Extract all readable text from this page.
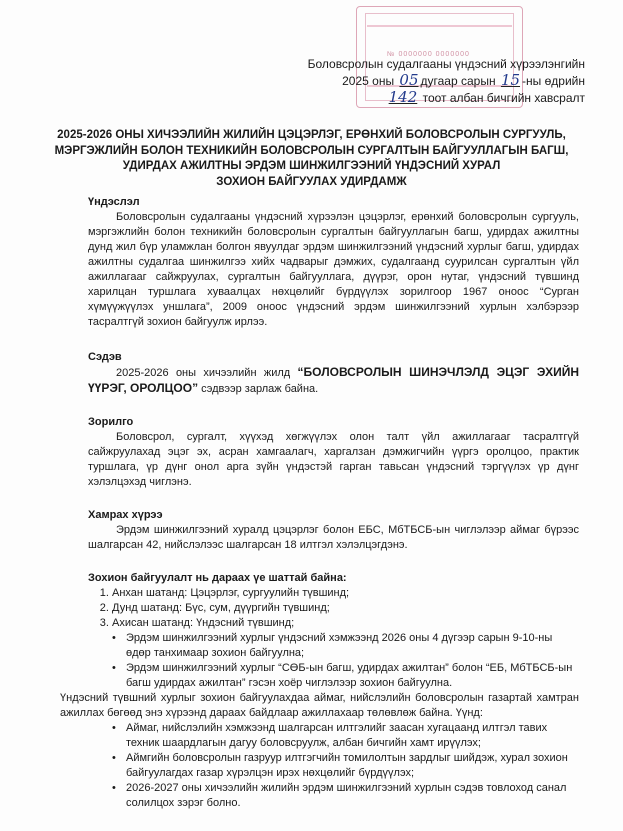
№ 0000000 0000000
Боловсролын судалгааны үндэсний хүрээлэнгийн
2025 оны 05 дугаар сарын 15 -ны өдрийн
142 тоот албан бичгийн хавсралт
2025-2026 ОНЫ ХИЧЭЭЛИЙН ЖИЛИЙН ЦЭЦЭРЛЭГ, ЕРӨНХИЙ БОЛОВСРОЛЫН СУРГУУЛЬ,
МЭРГЭЖЛИЙН БОЛОН ТЕХНИКИЙН БОЛОВСРОЛЫН СУРГАЛТЫН БАЙГУУЛЛАГЫН БАГШ,
УДИРДАХ АЖИЛТНЫ ЭРДЭМ ШИНЖИЛГЭЭНИЙ ҮНДЭСНИЙ ХУРАЛ
ЗОХИОН БАЙГУУЛАХ УДИРДАМЖ
Үндэслэл

Боловсролын судалгааны үндэсний хүрээлэн цэцэрлэг, ерөнхий боловсролын сургууль, мэргэжлийн болон техникийн боловсролын сургалтын байгууллагын багш, удирдах ажилтны дунд жил бүр уламжлан болгон явуулдаг эрдэм шинжилгээний үндэсний хурлыг багш, удирдах ажилтны судалгаа шинжилгээ хийх чадварыг дэмжих, судалгаанд суурилсан сургалтын үйл ажиллагааг сайжруулах, сургалтын байгууллага, дүүрэг, орон нутаг, үндэсний түвшинд харилцан туршлага хуваалцах нөхцөлийг бүрдүүлэх зорилгоор 1967 оноос “Сурган хүмүүжүүлэх уншлага”, 2009 оноос үндэсний эрдэм шинжилгээний хурлын хэлбэрээр тасралтгүй зохион байгуулж ирлээ.

Сэдэв

2025-2026 оны хичээлийн жилд “БОЛОВСРОЛЫН ШИНЭЧЛЭЛД ЭЦЭГ ЭХИЙН ҮҮРЭГ, ОРОЛЦОО” сэдвээр зарлаж байна.

Зорилго

Боловсрол, сургалт, хүүхэд хөгжүүлэх олон талт үйл ажиллагааг тасралтгүй сайжруулахад эцэг эх, асран хамгаалагч, харгалзан дэмжигчийн үүргэ оролцоо, практик туршлага, үр дүнг онол арга зүйн үндэстэй гарган тавьсан үндэсний тэргүүлэх үр дүнг хэлэлцэхэд чиглэнэ.

Хамрах хүрээ

Эрдэм шинжилгээний хуралд цэцэрлэг болон ЕБС, МбТБСБ-ын чиглэлээр аймаг бүрээс шалгарсан 42, нийслэлээс шалгарсан 18 илтгэл хэлэлцэгдэнэ.

Зохион байгуулалт нь дараах үе шаттай байна:
1. Анхан шатанд: Цэцэрлэг, сургуулийн түвшинд;
2. Дунд шатанд: Бүс, сум, дүүргийн түвшинд;
3. Ахисан шатанд: Үндэсний түвшинд;
• Эрдэм шинжилгээний хурлыг үндэсний хэмжээнд 2026 оны 4 дүгээр сарын 9-10-ны өдөр танхимаар зохион байгуулна;
• Эрдэм шинжилгээний хурлыг “СӨБ-ын багш, удирдах ажилтан” болон “ЕБ, МбТБСБ-ын багш удирдах ажилтан” гэсэн хоёр чиглэлээр зохион байгуулна.

Үндэсний түвшний хурлыг зохион байгуулахдаа аймаг, нийслэлийн боловсролын газартай хамтран ажиллах бөгөөд энэ хүрээнд дараах байдлаар ажиллахаар төлөвлөж байна. Үүнд:

• Аймаг, нийслэлийн хэмжээнд шалгарсан илтгэлийг заасан хугацаанд илтгэл тавих техник шаардлагын дагуу боловсруулж, албан бичгийн хамт ирүүлэх;
• Аймгийн боловсролын газруур илтгэгчийн томилолтын зардлыг шийдэж, хурал зохион байгуулагдах газар хүрэлцэн ирэх нөхцөлийг бүрдүүлэх;
• 2026-2027 оны хичээлийн жилийн эрдэм шинжилгээний хурлын сэдэв товлоход санал солилцох зэрэг болно.
